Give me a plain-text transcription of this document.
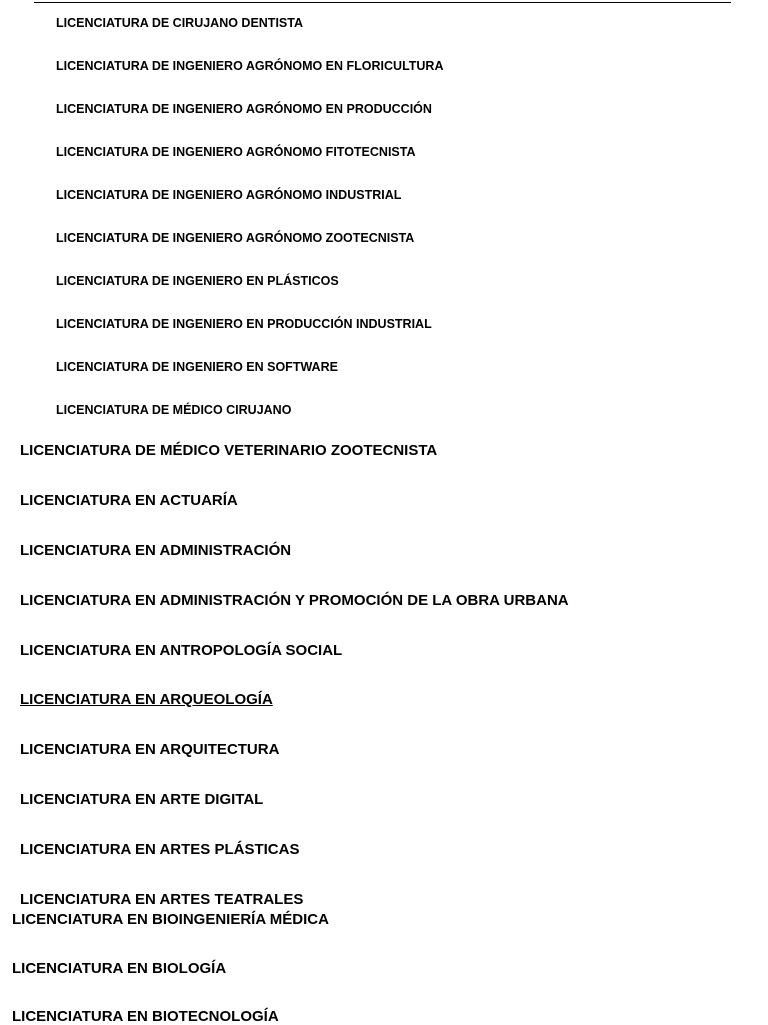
LICENCIATURA DE CIRUJANO DENTISTA
LICENCIATURA DE INGENIERO AGRÓNOMO EN FLORICULTURA
LICENCIATURA DE INGENIERO AGRÓNOMO EN PRODUCCIÓN
LICENCIATURA DE INGENIERO AGRÓNOMO FITOTECNISTA
LICENCIATURA DE INGENIERO AGRÓNOMO INDUSTRIAL
LICENCIATURA DE INGENIERO AGRÓNOMO ZOOTECNISTA
LICENCIATURA DE INGENIERO EN PLÁSTICOS
LICENCIATURA DE INGENIERO EN PRODUCCIÓN INDUSTRIAL
LICENCIATURA DE INGENIERO EN SOFTWARE
LICENCIATURA DE MÉDICO CIRUJANO
LICENCIATURA DE MÉDICO VETERINARIO ZOOTECNISTA
LICENCIATURA EN ACTUARÍA
LICENCIATURA EN ADMINISTRACIÓN
LICENCIATURA EN ADMINISTRACIÓN Y PROMOCIÓN DE LA OBRA URBANA
LICENCIATURA EN ANTROPOLOGÍA SOCIAL
LICENCIATURA EN ARQUEOLOGÍA
LICENCIATURA EN ARQUITECTURA
LICENCIATURA EN ARTE DIGITAL
LICENCIATURA EN ARTES PLÁSTICAS
LICENCIATURA EN ARTES TEATRALES
LICENCIATURA EN BIOINGENIERÍA MÉDICA
LICENCIATURA EN BIOLOGÍA
LICENCIATURA EN BIOTECNOLOGÍA
